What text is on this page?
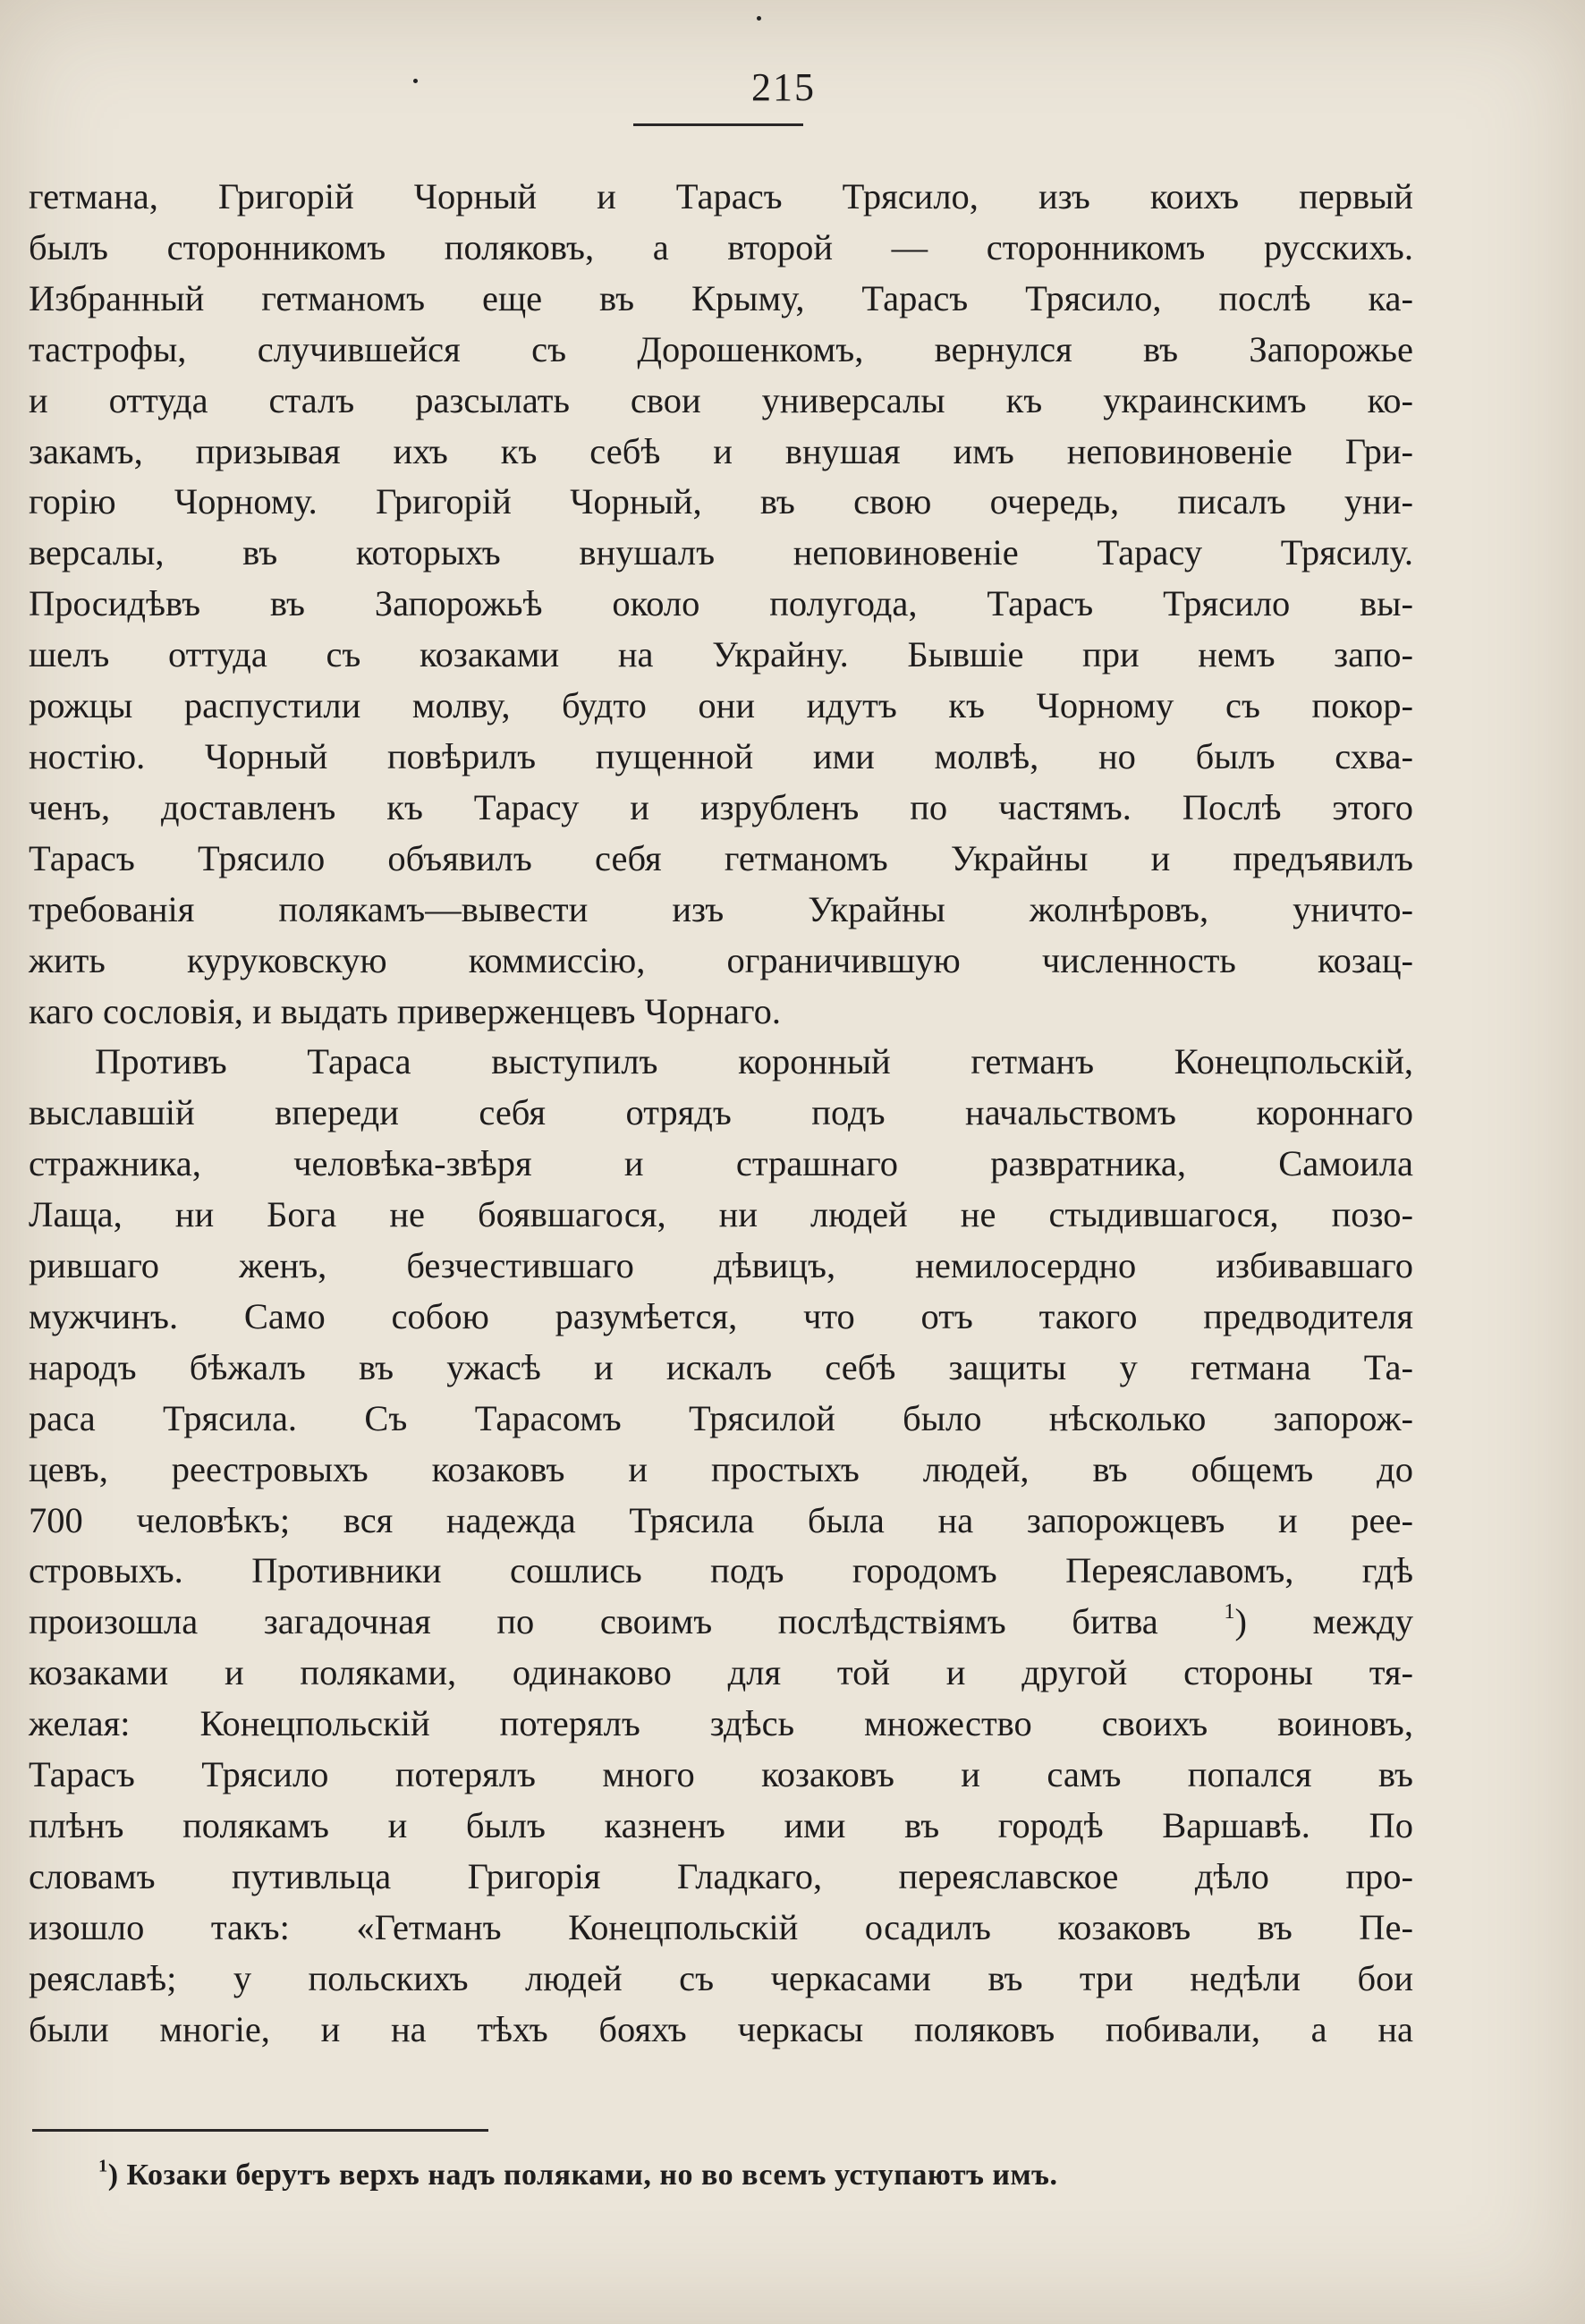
215
гетмана, Григорій Чорный и Тарасъ Трясило, изъ коихъ первый
былъ сторонникомъ поляковъ, а второй — сторонникомъ русскихъ.
Избранный гетманомъ еще въ Крыму, Тарасъ Трясило, послѣ ка-
тастрофы, случившейся съ Дорошенкомъ, вернулся въ Запорожье
и оттуда сталъ разсылать свои универсалы къ украинскимъ ко-
закамъ, призывая ихъ къ себѣ и внушая имъ неповиновеніе Гри-
горію Чорному. Григорій Чорный, въ свою очередь, писалъ уни-
версалы, въ которыхъ внушалъ неповиновеніе Тарасу Трясилу.
Просидѣвъ въ Запорожьѣ около полугода, Тарасъ Трясило вы-
шелъ оттуда съ козаками на Украйну. Бывшіе при немъ запо-
рожцы распустили молву, будто они идутъ къ Чорному съ покор-
ностію. Чорный повѣрилъ пущенной ими молвѣ, но былъ схва-
ченъ, доставленъ къ Тарасу и изрубленъ по частямъ. Послѣ этого
Тарасъ Трясило объявилъ себя гетманомъ Украйны и предъявилъ
требованія полякамъ—вывести изъ Украйны жолнѣровъ, уничто-
жить куруковскую коммиссію, ограничившую численность козац-
каго сословія, и выдать приверженцевъ Чорнаго.
Противъ Тараса выступилъ коронный гетманъ Конецпольскій,
выславшій впереди себя отрядъ подъ начальствомъ короннаго
стражника, человѣка-звѣря и страшнаго развратника, Самоила
Лаща, ни Бога не боявшагося, ни людей не стыдившагося, позо-
рившаго женъ, безчестившаго дѣвицъ, немилосердно избивавшаго
мужчинъ. Само собою разумѣется, что отъ такого предводителя
народъ бѣжалъ въ ужасѣ и искалъ себѣ защиты у гетмана Та-
раса Трясила. Съ Тарасомъ Трясилой было нѣсколько запорож-
цевъ, реестровыхъ козаковъ и простыхъ людей, въ общемъ до
700 человѣкъ; вся надежда Трясила была на запорожцевъ и рее-
стровыхъ. Противники сошлись подъ городомъ Переяславомъ, гдѣ
произошла загадочная по своимъ послѣдствіямъ битва $^1$) между
козаками и поляками, одинаково для той и другой стороны тя-
желая: Конецпольскій потерялъ здѣсь множество своихъ воиновъ,
Тарасъ Трясило потерялъ много козаковъ и самъ попался въ
плѣнъ полякамъ и былъ казненъ ими въ городѣ Варшавѣ. По
словамъ путивльца Григорія Гладкаго, переяславское дѣло про-
изошло такъ: «Гетманъ Конецпольскій осадилъ козаковъ въ Пе-
реяславѣ; у польскихъ людей съ черкасами въ три недѣли бои
были многіе, и на тѣхъ бояхъ черкасы поляковъ побивали, а на
$^1$) Козаки берутъ верхъ надъ поляками, но во всемъ уступаютъ имъ.
